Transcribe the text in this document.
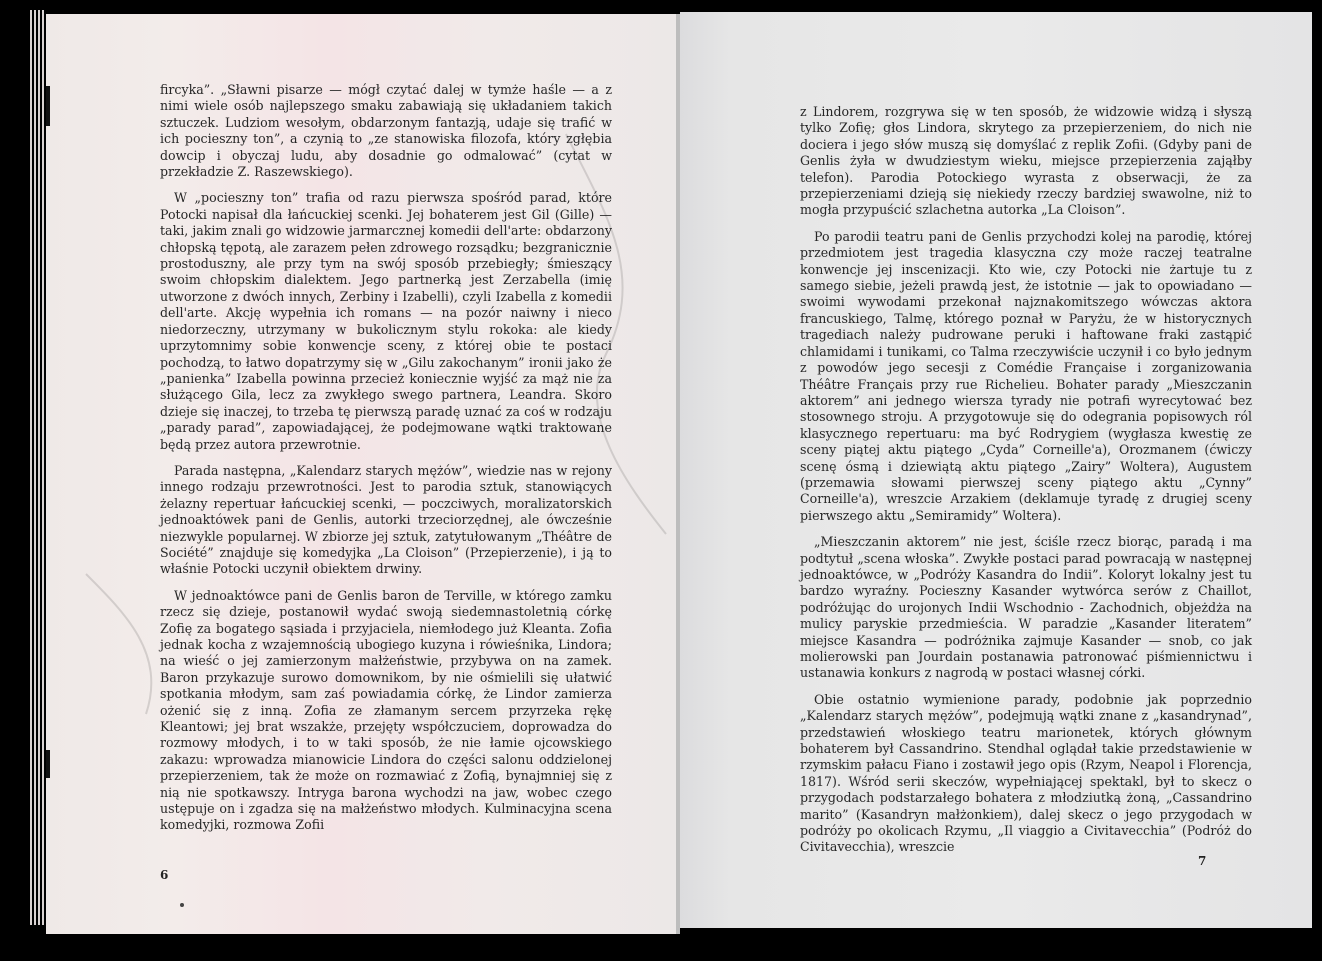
fircyka”. „Sławni pisarze — mógł czytać dalej w tymże haśle — a z nimi wiele osób najlepszego smaku zabawiają się układaniem takich sztuczek. Ludziom wesołym, obdarzonym fantazją, udaje się trafić w ich pocieszny ton”, a czynią to „ze stanowiska filozofa, który zgłębia dowcip i obyczaj ludu, aby dosadnie go odmalować” (cytat w przekładzie Z. Raszewskiego).

W „pocieszny ton” trafia od razu pierwsza spośród parad, które Potocki napisał dla łańcuckiej scenki. Jej bohaterem jest Gil (Gille) — taki, jakim znali go widzowie jarmarcznej komedii dell'arte: obdarzony chłopską tępotą, ale zarazem pełen zdrowego rozsądku; bezgranicznie prostoduszny, ale przy tym na swój sposób przebiegły; śmieszący swoim chłopskim dialektem. Jego partnerką jest Zerzabella (imię utworzone z dwóch innych, Zerbiny i Izabelli), czyli Izabella z komedii dell'arte. Akcję wypełnia ich romans — na pozór naiwny i nieco niedorzeczny, utrzymany w bukolicznym stylu rokoka: ale kiedy uprzytomnimy sobie konwencje sceny, z której obie te postaci pochodzą, to łatwo dopatrzymy się w „Gilu zakochanym” ironii jako że „panienka” Izabella powinna przecież koniecznie wyjść za mąż nie za służącego Gila, lecz za zwykłego swego partnera, Leandra. Skoro dzieje się inaczej, to trzeba tę pierwszą paradę uznać za coś w rodzaju „parady parad”, zapowiadającej, że podejmowane wątki traktowane będą przez autora przewrotnie.

Parada następna, „Kalendarz starych mężów”, wiedzie nas w rejony innego rodzaju przewrotności. Jest to parodia sztuk, stanowiących żelazny repertuar łańcuckiej scenki, — poczciwych, moralizatorskich jednoaktówek pani de Genlis, autorki trzeciorzędnej, ale ówcześnie niezwykle popularnej. W zbiorze jej sztuk, zatytułowanym „Théâtre de Société” znajduje się komedyjka „La Cloison” (Przepierzenie), i ją to właśnie Potocki uczynił obiektem drwiny.

W jednoaktówce pani de Genlis baron de Terville, w którego zamku rzecz się dzieje, postanowił wydać swoją siedemnastoletnią córkę Zofię za bogatego sąsiada i przyjaciela, niemłodego już Kleanta. Zofia jednak kocha z wzajemnością ubogiego kuzyna i rówieśnika, Lindora; na wieść o jej zamierzonym małżeństwie, przybywa on na zamek. Baron przykazuje surowo domownikom, by nie ośmielili się ułatwić spotkania młodym, sam zaś powiadamia córkę, że Lindor zamierza ożenić się z inną. Zofia ze złamanym sercem przyrzeka rękę Kleantowi; jej brat wszakże, przejęty współczuciem, doprowadza do rozmowy młodych, i to w taki sposób, że nie łamie ojcowskiego zakazu: wprowadza mianowicie Lindora do części salonu oddzielonej przepierzeniem, tak że może on rozmawiać z Zofią, bynajmniej się z nią nie spotkawszy. Intryga barona wychodzi na jaw, wobec czego ustępuje on i zgadza się na małżeństwo młodych. Kulminacyjna scena komedyjki, rozmowa Zofii

6

z Lindorem, rozgrywa się w ten sposób, że widzowie widzą i słyszą tylko Zofię; głos Lindora, skrytego za przepierzeniem, do nich nie dociera i jego słów muszą się domyślać z replik Zofii. (Gdyby pani de Genlis żyła w dwudziestym wieku, miejsce przepierzenia zająłby telefon). Parodia Potockiego wyrasta z obserwacji, że za przepierzeniami dzieją się niekiedy rzeczy bardziej swawolne, niż to mogła przypuścić szlachetna autorka „La Cloison”.

Po parodii teatru pani de Genlis przychodzi kolej na parodię, której przedmiotem jest tragedia klasyczna czy może raczej teatralne konwencje jej inscenizacji. Kto wie, czy Potocki nie żartuje tu z samego siebie, jeżeli prawdą jest, że istotnie — jak to opowiadano — swoimi wywodami przekonał najznakomitszego wówczas aktora francuskiego, Talmę, którego poznał w Paryżu, że w historycznych tragediach należy pudrowane peruki i haftowane fraki zastąpić chlamidami i tunikami, co Talma rzeczywiście uczynił i co było jednym z powodów jego secesji z Comédie Française i zorganizowania Théâtre Français przy rue Richelieu. Bohater parady „Mieszczanin aktorem” ani jednego wiersza tyrady nie potrafi wyrecytować bez stosownego stroju. A przygotowuje się do odegrania popisowych ról klasycznego repertuaru: ma być Rodrygiem (wygłasza kwestię ze sceny piątej aktu piątego „Cyda” Corneille'a), Orozmanem (ćwiczy scenę ósmą i dziewiątą aktu piątego „Zairy” Woltera), Augustem (przemawia słowami pierwszej sceny piątego aktu „Cynny” Corneille'a), wreszcie Arzakiem (deklamuje tyradę z drugiej sceny pierwszego aktu „Semiramidy” Woltera).

„Mieszczanin aktorem” nie jest, ściśle rzecz biorąc, paradą i ma podtytuł „scena włoska”. Zwykłe postaci parad powracają w następnej jednoaktówce, w „Podróży Kasandra do Indii”. Koloryt lokalny jest tu bardzo wyraźny. Pocieszny Kasander wytwórca serów z Chaillot, podróżując do urojonych Indii Wschodnio - Zachodnich, objeżdża na mulicy paryskie przedmieścia. W paradzie „Kasander literatem” miejsce Kasandra — podróżnika zajmuje Kasander — snob, co jak molierowski pan Jourdain postanawia patronować piśmiennictwu i ustanawia konkurs z nagrodą w postaci własnej córki.

Obie ostatnio wymienione parady, podobnie jak poprzednio „Kalendarz starych mężów”, podejmują wątki znane z „kasandrynad”, przedstawień włoskiego teatru marionetek, których głównym bohaterem był Cassandrino. Stendhal oglądał takie przedstawienie w rzymskim pałacu Fiano i zostawił jego opis (Rzym, Neapol i Florencja, 1817). Wśród serii skeczów, wypełniającej spektakl, był to skecz o przygodach podstarzałego bohatera z młodziutką żoną, „Cassandrino marito” (Kasandryn małżonkiem), dalej skecz o jego przygodach w podróży po okolicach Rzymu, „Il viaggio a Civitavecchia” (Podróż do Civitavecchia), wreszcie

7
